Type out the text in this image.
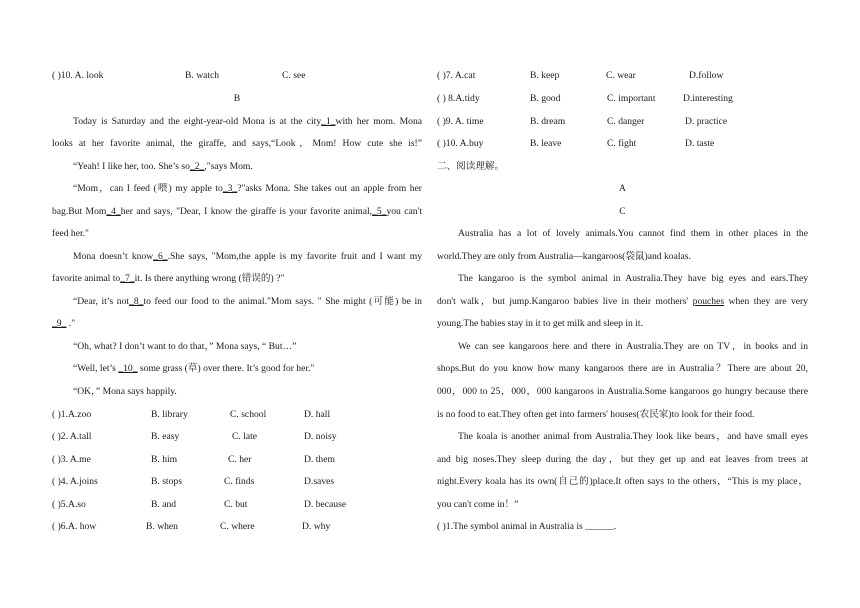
( )10. A. look	B. watch	C. see
B
Today is Saturday and the eight-year-old Mona is at the city_1_with her mom. Mona
looks at her favorite animal, the giraffe, and says,“Look，Mom! How cute she is!”
“Yeah! I like her, too. She’s so_2_,"says Mom.
“Mom，can I feed (喂) my apple to_3_?"asks Mona. She takes out an apple from her
bag.But Mom_4_her and says, "Dear, I know the giraffe is your favorite animal,_5_you can't
feed her."
Mona doesn’t know_6_.She says, "Mom,the apple is my favorite fruit and I want my
favorite animal to_7_it. Is there anything wrong (错误的) ?"
“Dear, it’s not_8_to feed our food to the animal."Mom says. " She might (可能) be in
_9_ ."
“Oh, what? I don’t want to do that，” Mona says, “ But…”
“Well, let’s _10_ some grass (草) over there. It’s good for her."
“OK，” Mona says happily.
( )1.A.zoo	B. library	C. school	D. hall
( )2. A.tall	B. easy	C. late	D. noisy
( )3. A.me	B. him	C. her	D. them
( )4. A.joins	B. stops	C. finds	D.saves
( )5.A.so	B. and	C. but	D. because
( )6.A. how	B. when	C. where	D. why
( )7. A.cat	B. keep	C. wear	D.follow
( ) 8.A.tidy	B. good	C. important	D.interesting
( )9. A. time	B. dream	C. danger	D. practice
( )10. A.buy	B. leave	C. fight	D. taste
二、阅读理解。
A
C
Australia has a lot of lovely animals.You cannot find them in other places in the
world.They are only from Australia—kangaroos(袋鼠)and koalas.
The kangaroo is the symbol animal in Australia.They have big eyes and ears.They
don't walk，but jump.Kangaroo babies live in their mothers' pouches when they are very
young.The babies stay in it to get milk and sleep in it.
We can see kangaroos here and there in Australia.They are on TV，in books and in
shops.But do you know how many kangaroos there are in Australia？There are about 20,
000，000 to 25，000，000 kangaroos in Australia.Some kangaroos go hungry because there
is no food to eat.They often get into farmers' houses(农民家)to look for their food.
The koala is another animal from Australia.They look like bears，and have small eyes
and big noses.They sleep during the day，but they get up and eat leaves from trees at
night.Every koala has its own(自己的)place.It often says to the others，“This is my place，
you can't come in！”
( )1.The symbol animal in Australia is ______.
